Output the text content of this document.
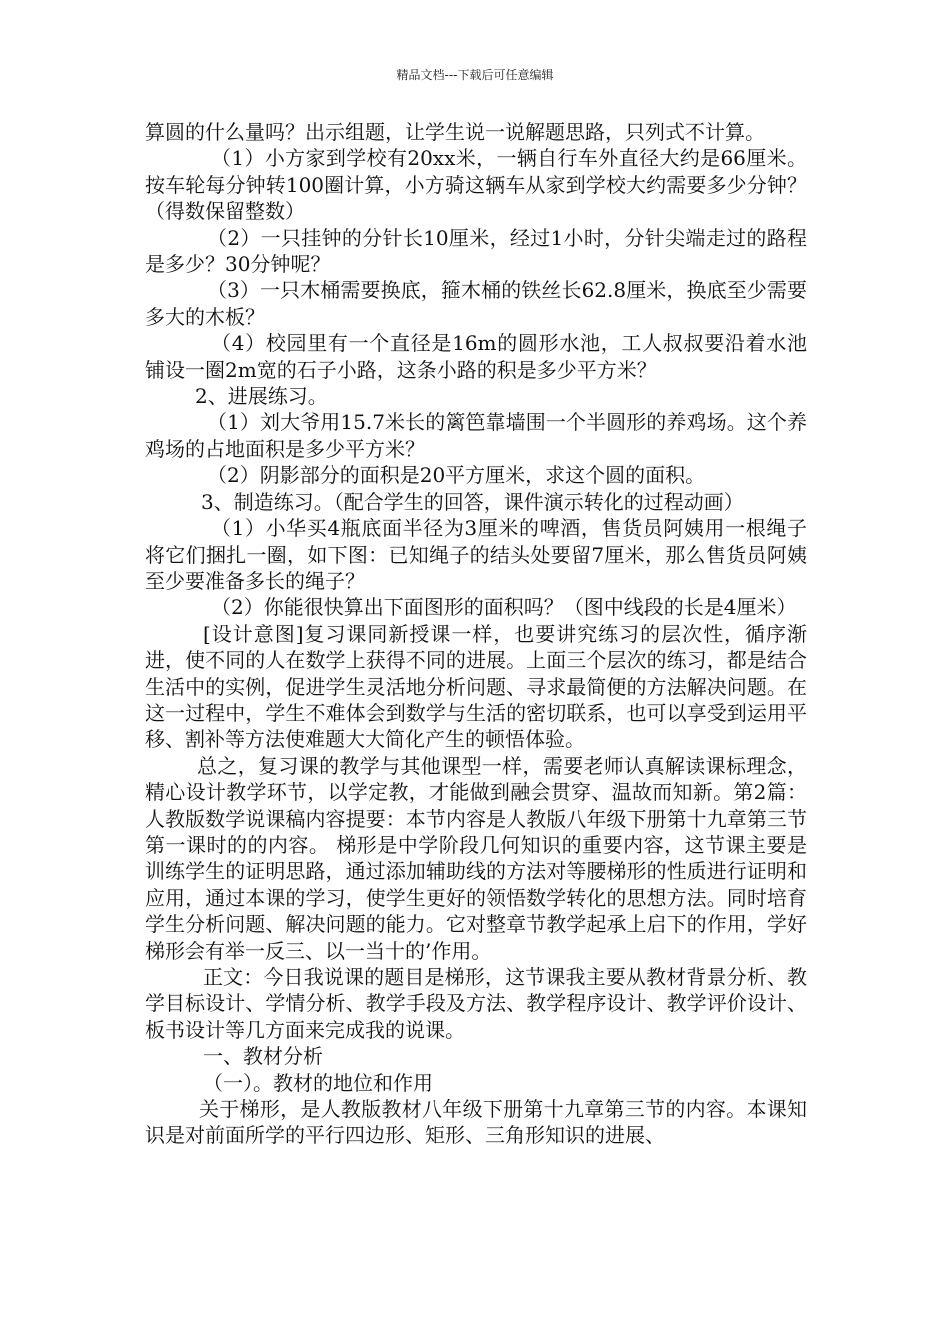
精品文档---下载后可任意编辑

算圆的什么量吗？出示组题，让学生说一说解题思路，只列式不计算。

（1）小方家到学校有20xx米，一辆自行车外直径大约是66厘米。按车轮每分钟转100圈计算，小方骑这辆车从家到学校大约需要多少分钟？（得数保留整数）

（2）一只挂钟的分针长10厘米，经过1小时，分针尖端走过的路程是多少？30分钟呢？

（3）一只木桶需要换底，箍木桶的铁丝长62.8厘米，换底至少需要多大的木板？

（4）校园里有一个直径是16m的圆形水池，工人叔叔要沿着水池铺设一圈2m宽的石子小路，这条小路的积是多少平方米？

2、进展练习。

（1）刘大爷用15.7米长的篱笆靠墙围一个半圆形的养鸡场。这个养鸡场的占地面积是多少平方米？

（2）阴影部分的面积是20平方厘米，求这个圆的面积。

3、制造练习。（配合学生的回答，课件演示转化的过程动画）

（1）小华买4瓶底面半径为3厘米的啤酒，售货员阿姨用一根绳子将它们捆扎一圈，如下图：已知绳子的结头处要留7厘米，那么售货员阿姨至少要准备多长的绳子？

（2）你能很快算出下面图形的面积吗？（图中线段的长是4厘米）

[设计意图]复习课同新授课一样，也要讲究练习的层次性，循序渐进，使不同的人在数学上获得不同的进展。上面三个层次的练习，都是结合生活中的实例，促进学生灵活地分析问题、寻求最简便的方法解决问题。在这一过程中，学生不难体会到数学与生活的密切联系，也可以享受到运用平移、割补等方法使难题大大简化产生的顿悟体验。

总之，复习课的教学与其他课型一样，需要老师认真解读课标理念，精心设计教学环节，以学定教，才能做到融会贯穿、温故而知新。第2篇：人教版数学说课稿内容提要：本节内容是人教版八年级下册第十九章第三节第一课时的的内容。 梯形是中学阶段几何知识的重要内容，这节课主要是训练学生的证明思路，通过添加辅助线的方法对等腰梯形的性质进行证明和应用，通过本课的学习，使学生更好的领悟数学转化的思想方法。同时培育学生分析问题、解决问题的能力。它对整章节教学起承上启下的作用，学好梯形会有举一反三、以一当十的’作用。

正文：今日我说课的题目是梯形，这节课我主要从教材背景分析、教学目标设计、学情分析、教学手段及方法、教学程序设计、教学评价设计、板书设计等几方面来完成我的说课。

一、教材分析

（一）。教材的地位和作用

关于梯形，是人教版教材八年级下册第十九章第三节的内容。本课知识是对前面所学的平行四边形、矩形、三角形知识的进展、
